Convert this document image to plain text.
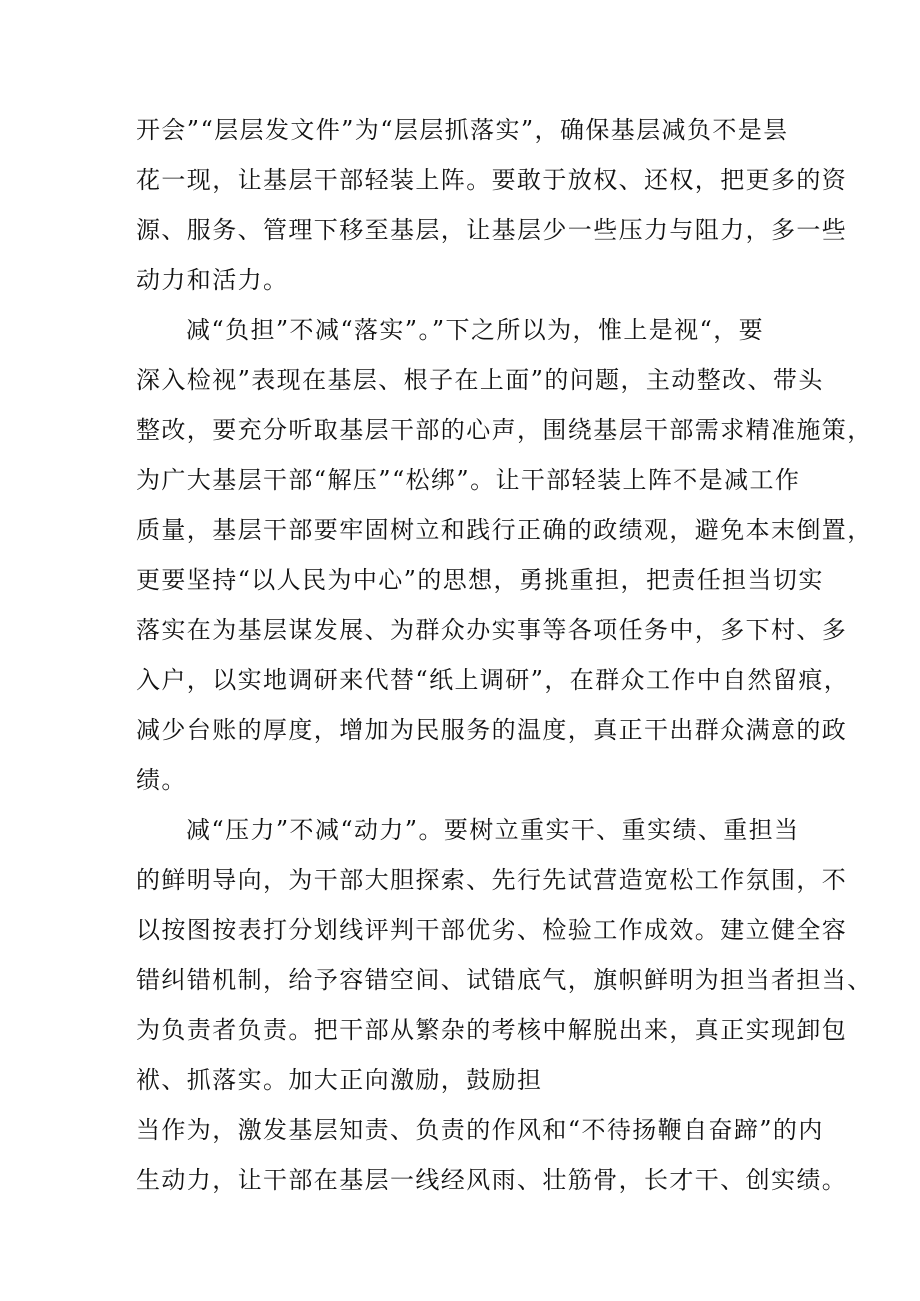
开会”“层层发文件”为“层层抓落实”，确保基层减负不是昙
花一现，让基层干部轻装上阵。要敢于放权、还权，把更多的资
源、服务、管理下移至基层，让基层少一些压力与阻力，多一些
动力和活力。
减“负担”不减“落实”。”下之所以为，惟上是视“，要
深入检视”表现在基层、根子在上面”的问题，主动整改、带头
整改，要充分听取基层干部的心声，围绕基层干部需求精准施策，
为广大基层干部“解压”“松绑”。让干部轻装上阵不是减工作
质量，基层干部要牢固树立和践行正确的政绩观，避免本末倒置，
更要坚持“以人民为中心”的思想，勇挑重担，把责任担当切实
落实在为基层谋发展、为群众办实事等各项任务中，多下村、多
入户，以实地调研来代替“纸上调研”，在群众工作中自然留痕，
减少台账的厚度，增加为民服务的温度，真正干出群众满意的政
绩。
减“压力”不减“动力”。要树立重实干、重实绩、重担当
的鲜明导向，为干部大胆探索、先行先试营造宽松工作氛围，不
以按图按表打分划线评判干部优劣、检验工作成效。建立健全容
错纠错机制，给予容错空间、试错底气，旗帜鲜明为担当者担当、
为负责者负责。把干部从繁杂的考核中解脱出来，真正实现卸包
袱、抓落实。加大正向激励，鼓励担
当作为，激发基层知责、负责的作风和“不待扬鞭自奋蹄”的内
生动力，让干部在基层一线经风雨、壮筋骨，长才干、创实绩。
